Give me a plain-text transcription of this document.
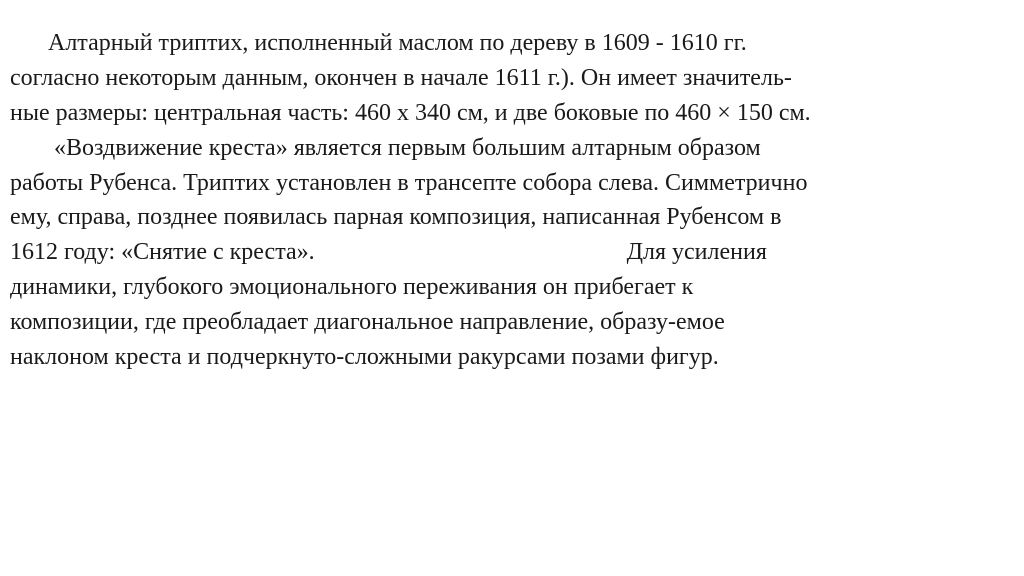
Алтарный триптих, исполненный маслом по дереву в 1609 - 1610 гг.
согласно некоторым данным, окончен в начале 1611 г.). Он имеет значитель-
ные размеры: центральная часть: 460 х 340 см, и две боковые по 460 × 150 см.
«Воздвижение креста» является первым большим алтарным образом
работы Рубенса. Триптих установлен в трансепте собора слева. Симметрично
ему, справа, позднее появилась парная композиция, написанная Рубенсом в
1612 году: «Снятие с креста».	Для усиления
динамики, глубокого эмоционального переживания он прибегает к
композиции, где преобладает диагональное направление, образу-емое
наклоном креста и подчеркнуто-сложными ракурсами позами фигур.
